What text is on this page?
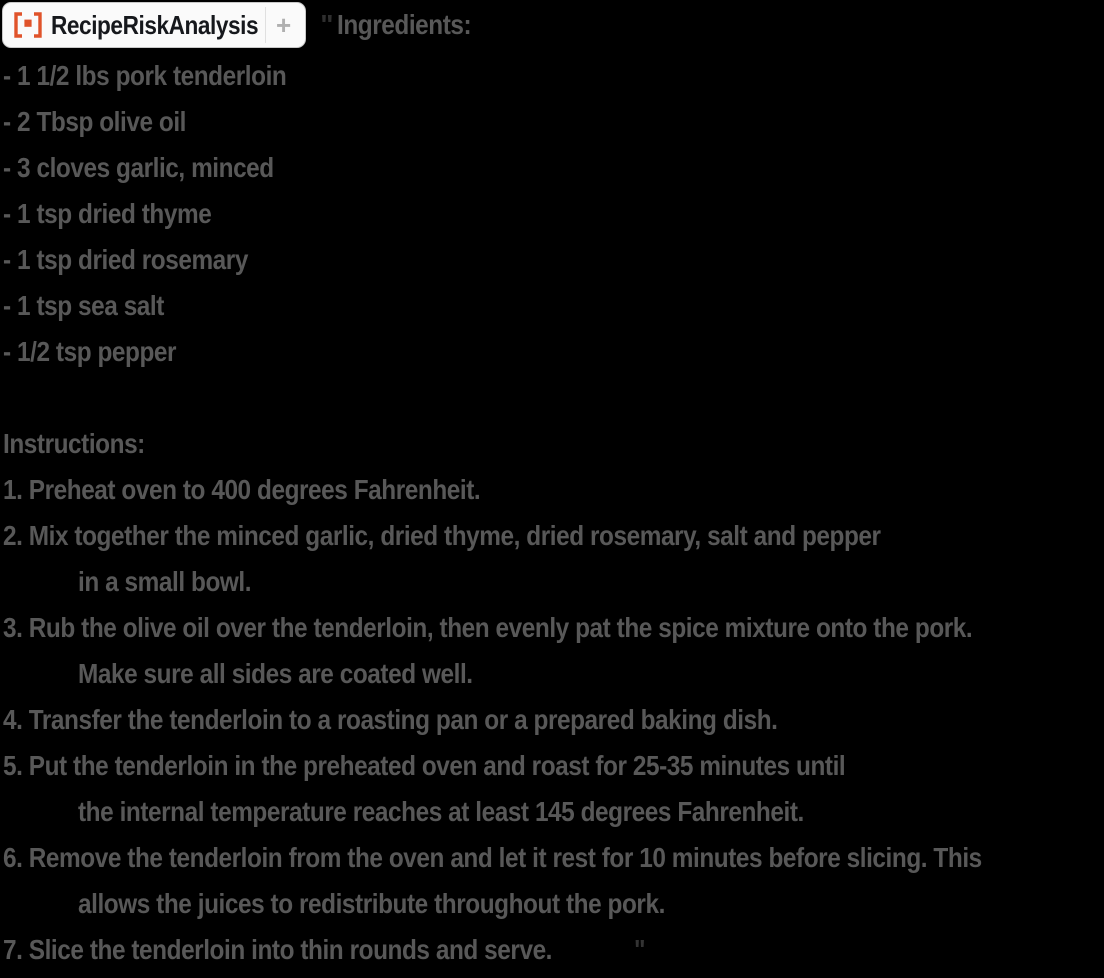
RecipeRiskAnalysis + " Ingredients:
- 1 1/2 lbs pork tenderloin
- 2 Tbsp olive oil
- 3 cloves garlic, minced
- 1 tsp dried thyme
- 1 tsp dried rosemary
- 1 tsp sea salt
- 1/2 tsp pepper
Instructions:
1. Preheat oven to 400 degrees Fahrenheit.
2. Mix together the minced garlic, dried thyme, dried rosemary, salt and pepper
in a small bowl.
3. Rub the olive oil over the tenderloin, then evenly pat the spice mixture onto the pork.
Make sure all sides are coated well.
4. Transfer the tenderloin to a roasting pan or a prepared baking dish.
5. Put the tenderloin in the preheated oven and roast for 25-35 minutes until
the internal temperature reaches at least 145 degrees Fahrenheit.
6. Remove the tenderloin from the oven and let it rest for 10 minutes before slicing. This
allows the juices to redistribute throughout the pork.
7. Slice the tenderloin into thin rounds and serve.	"
